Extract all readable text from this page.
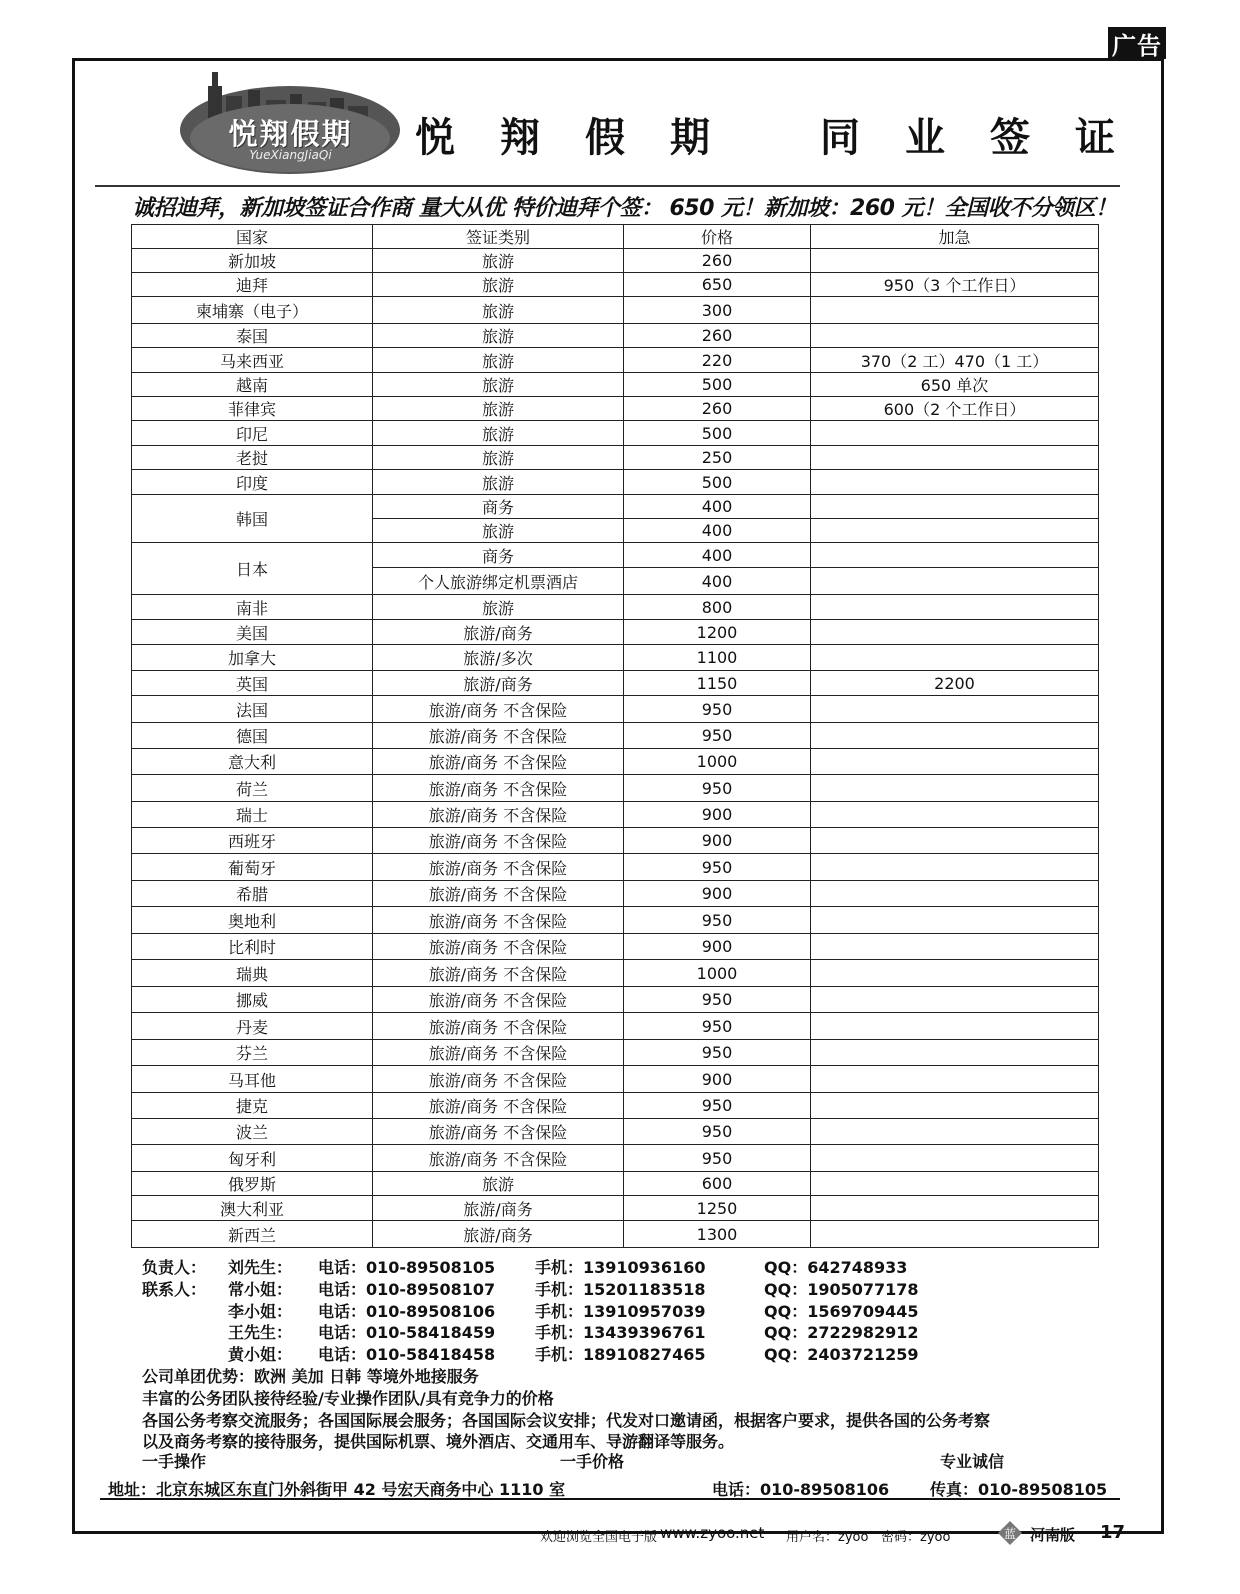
广告
悦翔假期
YueXiangJiaQi	悦 翔 假 期	同 业 签 证
诚招迪拜，新加坡签证合作商 量大从优 特价迪拜个签： 650 元！新加坡：260 元！全国收不分领区！
国家	签证类别	价格	加急
新加坡	旅游	260	
迪拜	旅游	650	950（3 个工作日）
柬埔寨（电子）	旅游	300	
泰国	旅游	260	
马来西亚	旅游	220	370（2 工）470（1 工）
越南	旅游	500	650 单次
菲律宾	旅游	260	600（2 个工作日）
印尼	旅游	500	
老挝	旅游	250	
印度	旅游	500	
韩国	商务	400	
	旅游	400	
日本	商务	400	
	个人旅游绑定机票酒店	400	
南非	旅游	800	
美国	旅游/商务	1200	
加拿大	旅游/多次	1100	
英国	旅游/商务	1150	2200
法国	旅游/商务 不含保险	950	
德国	旅游/商务 不含保险	950	
意大利	旅游/商务 不含保险	1000	
荷兰	旅游/商务 不含保险	950	
瑞士	旅游/商务 不含保险	900	
西班牙	旅游/商务 不含保险	900	
葡萄牙	旅游/商务 不含保险	950	
希腊	旅游/商务 不含保险	900	
奥地利	旅游/商务 不含保险	950	
比利时	旅游/商务 不含保险	900	
瑞典	旅游/商务 不含保险	1000	
挪威	旅游/商务 不含保险	950	
丹麦	旅游/商务 不含保险	950	
芬兰	旅游/商务 不含保险	950	
马耳他	旅游/商务 不含保险	900	
捷克	旅游/商务 不含保险	950	
波兰	旅游/商务 不含保险	950	
匈牙利	旅游/商务 不含保险	950	
俄罗斯	旅游	600	
澳大利亚	旅游/商务	1250	
新西兰	旅游/商务	1300	
负责人： 刘先生： 电话：010-89508105 手机：13910936160	QQ：642748933
联系人： 常小姐： 电话：010-89508107 手机：15201183518	QQ：1905077178
李小姐： 电话：010-89508106 手机：13910957039	QQ：1569709445
王先生： 电话：010-58418459 手机：13439396761	QQ：2722982912
黄小姐： 电话：010-58418458 手机：18910827465	QQ：2403721259
公司单团优势：欧洲 美加 日韩 等境外地接服务
丰富的公务团队接待经验/专业操作团队/具有竞争力的价格
各国公务考察交流服务；各国国际展会服务；各国国际会议安排；代发对口邀请函，根据客户要求，提供各国的公务考察
以及商务考察的接待服务，提供国际机票、境外酒店、交通用车、导游翻译等服务。
一手操作	一手价格	专业诚信
地址：北京东城区东直门外斜街甲 42 号宏天商务中心 1110 室	电话：010-89508106	传真：010-89508105
欢迎浏览全国电子版 www.zyoo.net 用户名：zyoo 密码：zyoo	河南版 17
蓝
